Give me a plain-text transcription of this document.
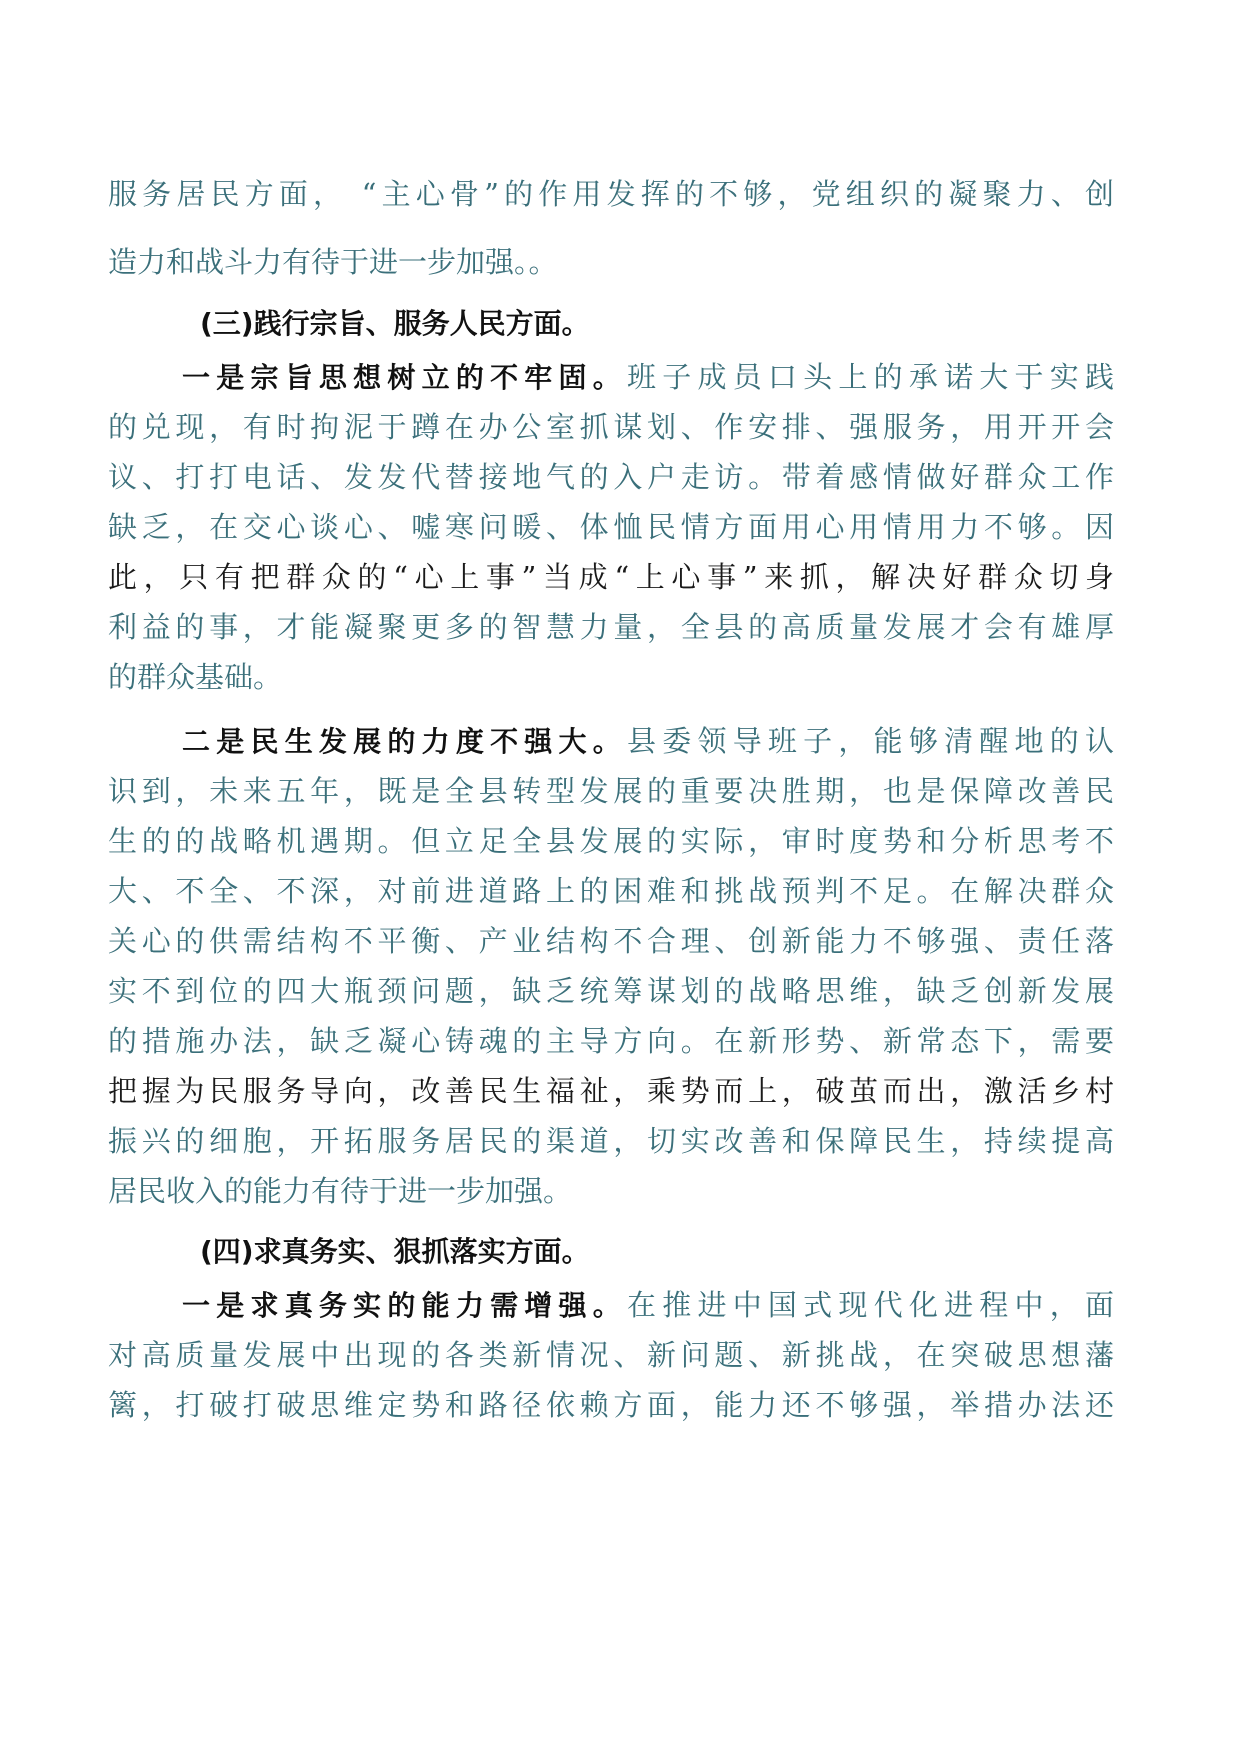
服务居民方面， “主心骨”的作用发挥的不够，党组织的凝聚力、创
造力和战斗力有待于进一步加强。。
(三)践行宗旨、服务人民方面。
一是宗旨思想树立的不牢固。班子成员口头上的承诺大于实践
的兑现，有时拘泥于蹲在办公室抓谋划、作安排、强服务，用开开会
议、打打电话、发发代替接地气的入户走访。带着感情做好群众工作
缺乏，在交心谈心、嘘寒问暖、体恤民情方面用心用情用力不够。因
此，只有把群众的“心上事”当成“上心事”来抓，解决好群众切身
利益的事，才能凝聚更多的智慧力量，全县的高质量发展才会有雄厚
的群众基础。
二是民生发展的力度不强大。县委领导班子，能够清醒地的认
识到，未来五年，既是全县转型发展的重要决胜期，也是保障改善民
生的的战略机遇期。但立足全县发展的实际，审时度势和分析思考不
大、不全、不深，对前进道路上的困难和挑战预判不足。在解决群众
关心的供需结构不平衡、产业结构不合理、创新能力不够强、责任落
实不到位的四大瓶颈问题，缺乏统筹谋划的战略思维，缺乏创新发展
的措施办法，缺乏凝心铸魂的主导方向。在新形势、新常态下，需要
把握为民服务导向，改善民生福祉，乘势而上，破茧而出，激活乡村
振兴的细胞，开拓服务居民的渠道，切实改善和保障民生，持续提高
居民收入的能力有待于进一步加强。
(四)求真务实、狠抓落实方面。
一是求真务实的能力需增强。在推进中国式现代化进程中，面
对高质量发展中出现的各类新情况、新问题、新挑战，在突破思想藩
篱，打破打破思维定势和路径依赖方面，能力还不够强，举措办法还
